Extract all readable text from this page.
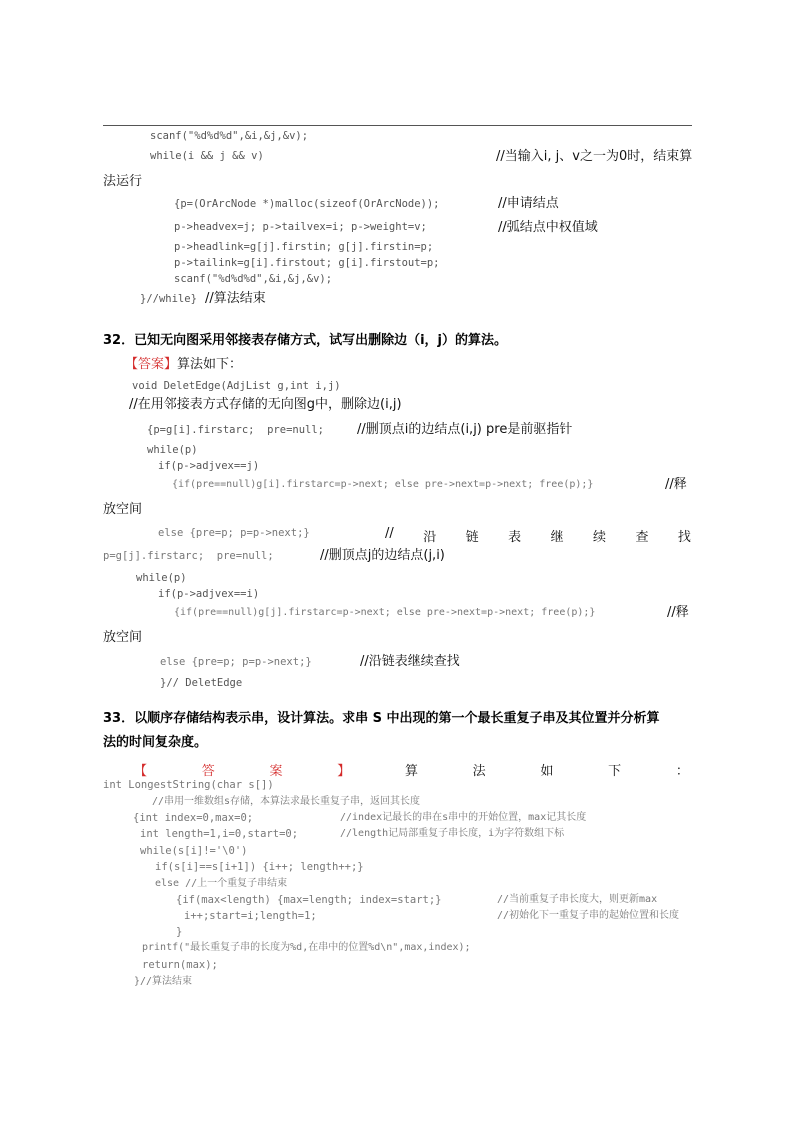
scanf("%d%d%d",&i,&j,&v);
while(i && j && v)	//当输入i, j、v之一为0时，结束算
法运行
{p=(OrArcNode *)malloc(sizeof(OrArcNode));	//申请结点
p->headvex=j; p->tailvex=i; p->weight=v;	//弧结点中权值域
p->headlink=g[j].firstin; g[j].firstin=p;
p->tailink=g[i].firstout; g[i].firstout=p;
scanf("%d%d%d",&i,&j,&v);
}//while} //算法结束
32．已知无向图采用邻接表存储方式，试写出删除边（i，j）的算法。
【答案】算法如下：
void DeletEdge(AdjList g,int i,j)
//在用邻接表方式存储的无向图g中，删除边(i,j)
{p=g[i].firstarc;  pre=null;	//删顶点i的边结点(i,j) pre是前驱指针
while(p)
if(p->adjvex==j)
{if(pre==null)g[i].firstarc=p->next; else pre->next=p->next; free(p);}	//释
放空间
else {pre=p; p=p->next;}	// 沿 链 表 继 续 查 找
p=g[j].firstarc;  pre=null;	//删顶点j的边结点(j,i)
while(p)
if(p->adjvex==i)
{if(pre==null)g[j].firstarc=p->next; else pre->next=p->next; free(p);}	//释
放空间
else {pre=p; p=p->next;}	//沿链表继续查找
}// DeletEdge
33．以顺序存储结构表示串，设计算法。求串 S 中出现的第一个最长重复子串及其位置并分析算
法的时间复杂度。
【	答	案	】	算	法	如	下	：
int LongestString(char s[])
//串用一维数组s存储，本算法求最长重复子串，返回其长度
{int index=0,max=0;	//index记最长的串在s串中的开始位置，max记其长度
int length=1,i=0,start=0;	//length记局部重复子串长度，i为字符数组下标
while(s[i]!='\0')
if(s[i]==s[i+1]) {i++; length++;}
else //上一个重复子串结束
{if(max<length) {max=length; index=start;}	//当前重复子串长度大，则更新max
i++;start=i;length=1;	//初始化下一重复子串的起始位置和长度
}
printf("最长重复子串的长度为%d,在串中的位置%d\n",max,index);
return(max);
}//算法结束
